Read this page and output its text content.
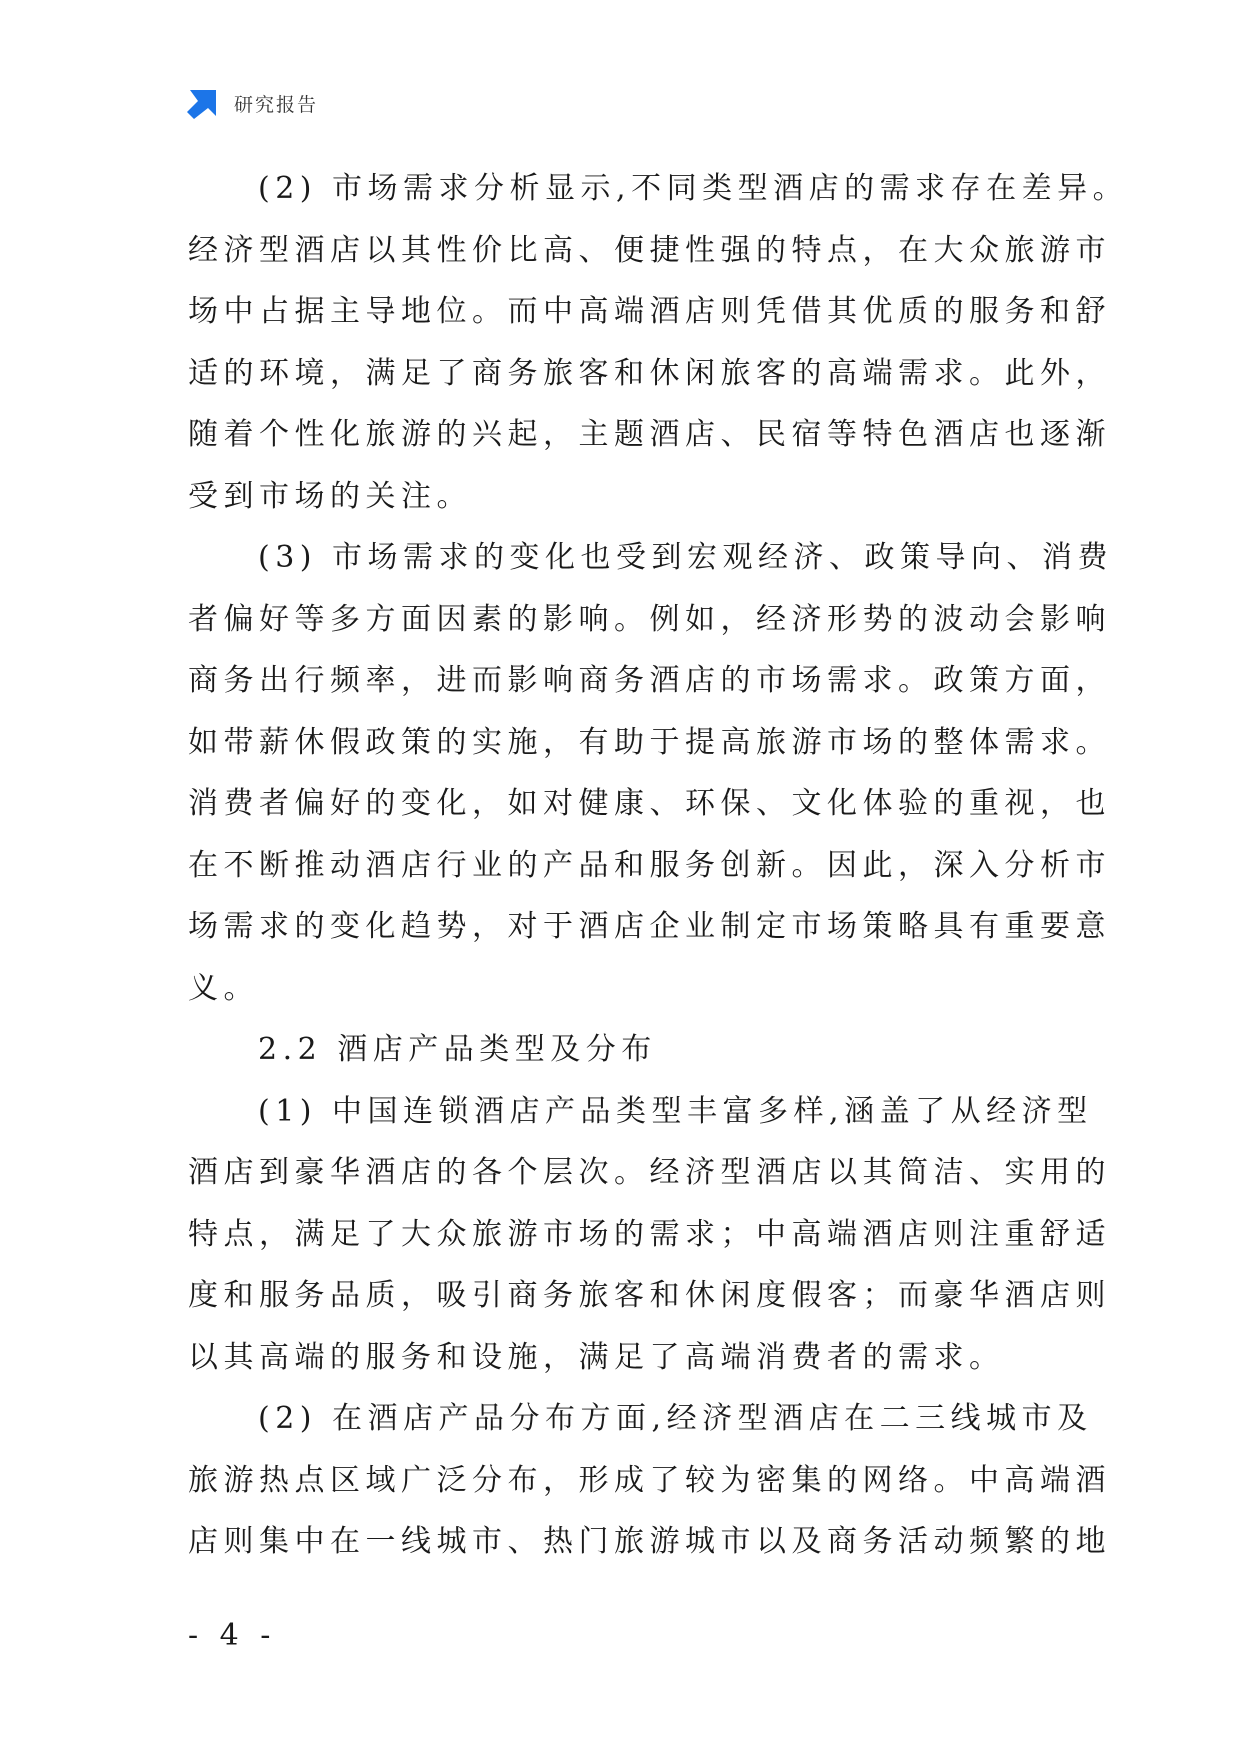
研究报告
(2) 市场需求分析显示,不同类型酒店的需求存在差异。
经济型酒店以其性价比高、便捷性强的特点，在大众旅游市
场中占据主导地位。而中高端酒店则凭借其优质的服务和舒
适的环境，满足了商务旅客和休闲旅客的高端需求。此外，
随着个性化旅游的兴起，主题酒店、民宿等特色酒店也逐渐
受到市场的关注。
(3) 市场需求的变化也受到宏观经济、政策导向、消费
者偏好等多方面因素的影响。例如，经济形势的波动会影响
商务出行频率，进而影响商务酒店的市场需求。政策方面，
如带薪休假政策的实施，有助于提高旅游市场的整体需求。
消费者偏好的变化，如对健康、环保、文化体验的重视，也
在不断推动酒店行业的产品和服务创新。因此，深入分析市
场需求的变化趋势，对于酒店企业制定市场策略具有重要意
义。
2.2 酒店产品类型及分布
(1) 中国连锁酒店产品类型丰富多样,涵盖了从经济型
酒店到豪华酒店的各个层次。经济型酒店以其简洁、实用的
特点，满足了大众旅游市场的需求；中高端酒店则注重舒适
度和服务品质，吸引商务旅客和休闲度假客；而豪华酒店则
以其高端的服务和设施，满足了高端消费者的需求。
(2) 在酒店产品分布方面,经济型酒店在二三线城市及
旅游热点区域广泛分布，形成了较为密集的网络。中高端酒
店则集中在一线城市、热门旅游城市以及商务活动频繁的地
- 4 -
